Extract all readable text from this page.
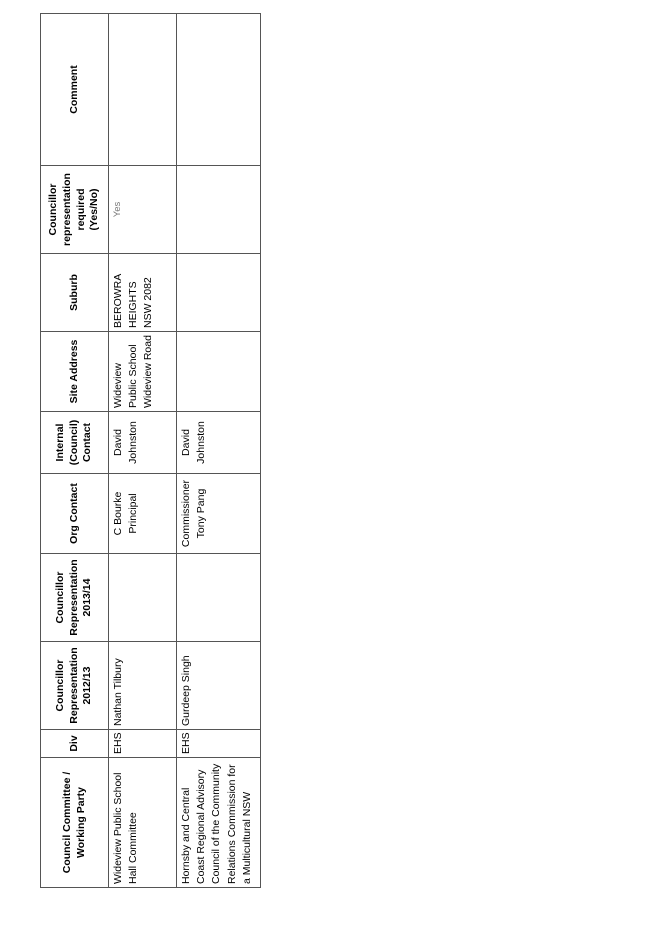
Council Committee / Working Party	Div	Councillor Representation 2012/13	Councillor Representation 2013/14	Org Contact	Internal (Council) Contact	Site Address	Suburb	Councillor representation required (Yes/No)	Comment
Wideview Public School Hall Committee	EHS	Nathan Tilbury		C Bourke Principal	David Johnston	Wideview Public School Wideview Road	BEROWRA HEIGHTS NSW 2082	Yes	
Hornsby and Central Coast Regional Advisory Council of the Community Relations Commission for a Multicultural NSW	EHS	Gurdeep Singh		Commissioner Tony Pang	David Johnston				
